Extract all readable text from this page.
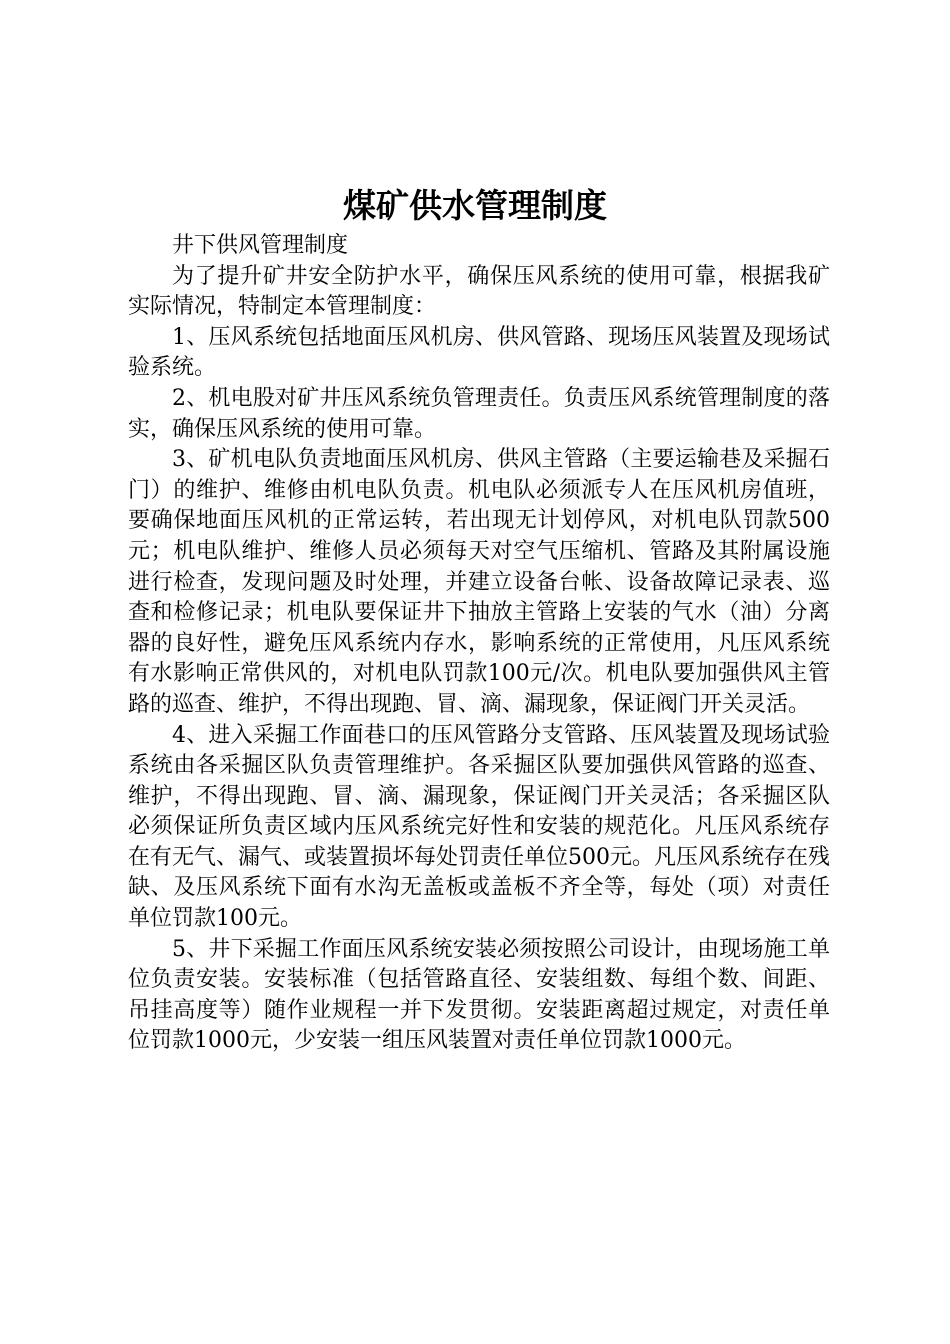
煤矿供水管理制度

井下供风管理制度

为了提升矿井安全防护水平，确保压风系统的使用可靠，根据我矿实际情况，特制定本管理制度：

1、压风系统包括地面压风机房、供风管路、现场压风装置及现场试验系统。

2、机电股对矿井压风系统负管理责任。负责压风系统管理制度的落实，确保压风系统的使用可靠。

3、矿机电队负责地面压风机房、供风主管路（主要运输巷及采掘石门）的维护、维修由机电队负责。机电队必须派专人在压风机房值班，要确保地面压风机的正常运转，若出现无计划停风，对机电队罚款500元；机电队维护、维修人员必须每天对空气压缩机、管路及其附属设施进行检查，发现问题及时处理，并建立设备台帐、设备故障记录表、巡查和检修记录；机电队要保证井下抽放主管路上安装的气水（油）分离器的良好性，避免压风系统内存水，影响系统的正常使用，凡压风系统有水影响正常供风的，对机电队罚款100元/次。机电队要加强供风主管路的巡查、维护，不得出现跑、冒、滴、漏现象，保证阀门开关灵活。

4、进入采掘工作面巷口的压风管路分支管路、压风装置及现场试验系统由各采掘区队负责管理维护。各采掘区队要加强供风管路的巡查、维护，不得出现跑、冒、滴、漏现象，保证阀门开关灵活；各采掘区队必须保证所负责区域内压风系统完好性和安装的规范化。凡压风系统存在有无气、漏气、或装置损坏每处罚责任单位500元。凡压风系统存在残缺、及压风系统下面有水沟无盖板或盖板不齐全等，每处（项）对责任单位罚款100元。

5、井下采掘工作面压风系统安装必须按照公司设计，由现场施工单位负责安装。安装标准（包括管路直径、安装组数、每组个数、间距、吊挂高度等）随作业规程一并下发贯彻。安装距离超过规定，对责任单位罚款1000元，少安装一组压风装置对责任单位罚款1000元。
